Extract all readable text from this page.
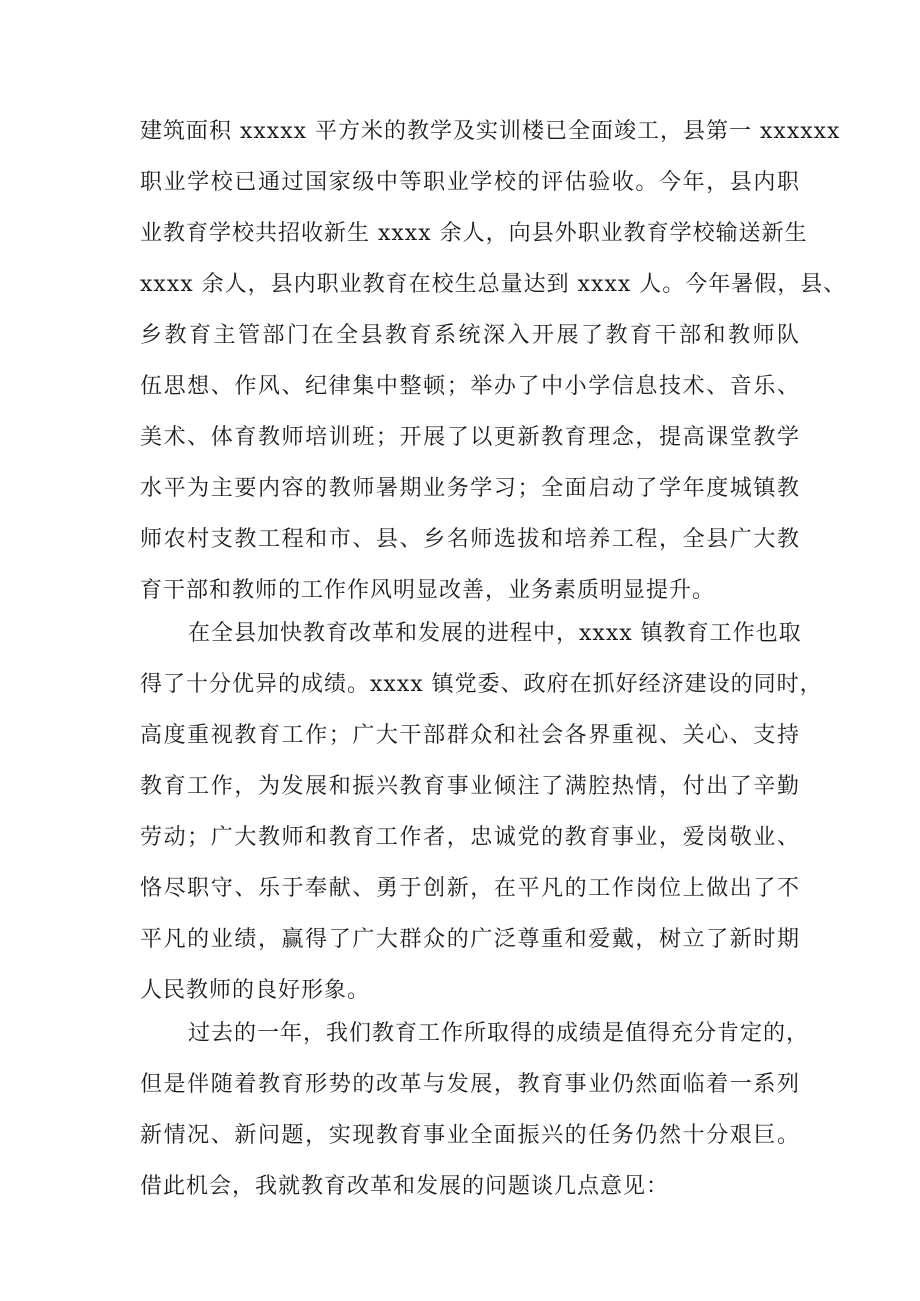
建筑面积 xxxxx 平方米的教学及实训楼已全面竣工，县第一 xxxxxx
职业学校已通过国家级中等职业学校的评估验收。今年，县内职
业教育学校共招收新生 xxxx 余人，向县外职业教育学校输送新生
xxxx 余人，县内职业教育在校生总量达到 xxxx 人。今年暑假，县、
乡教育主管部门在全县教育系统深入开展了教育干部和教师队
伍思想、作风、纪律集中整顿；举办了中小学信息技术、音乐、
美术、体育教师培训班；开展了以更新教育理念，提高课堂教学
水平为主要内容的教师暑期业务学习；全面启动了学年度城镇教
师农村支教工程和市、县、乡名师选拔和培养工程，全县广大教
育干部和教师的工作作风明显改善，业务素质明显提升。
在全县加快教育改革和发展的进程中，xxxx 镇教育工作也取
得了十分优异的成绩。xxxx 镇党委、政府在抓好经济建设的同时，
高度重视教育工作；广大干部群众和社会各界重视、关心、支持
教育工作，为发展和振兴教育事业倾注了满腔热情，付出了辛勤
劳动；广大教师和教育工作者，忠诚党的教育事业，爱岗敬业、
恪尽职守、乐于奉献、勇于创新，在平凡的工作岗位上做出了不
平凡的业绩，赢得了广大群众的广泛尊重和爱戴，树立了新时期
人民教师的良好形象。
过去的一年，我们教育工作所取得的成绩是值得充分肯定的，
但是伴随着教育形势的改革与发展，教育事业仍然面临着一系列
新情况、新问题，实现教育事业全面振兴的任务仍然十分艰巨。
借此机会，我就教育改革和发展的问题谈几点意见：
